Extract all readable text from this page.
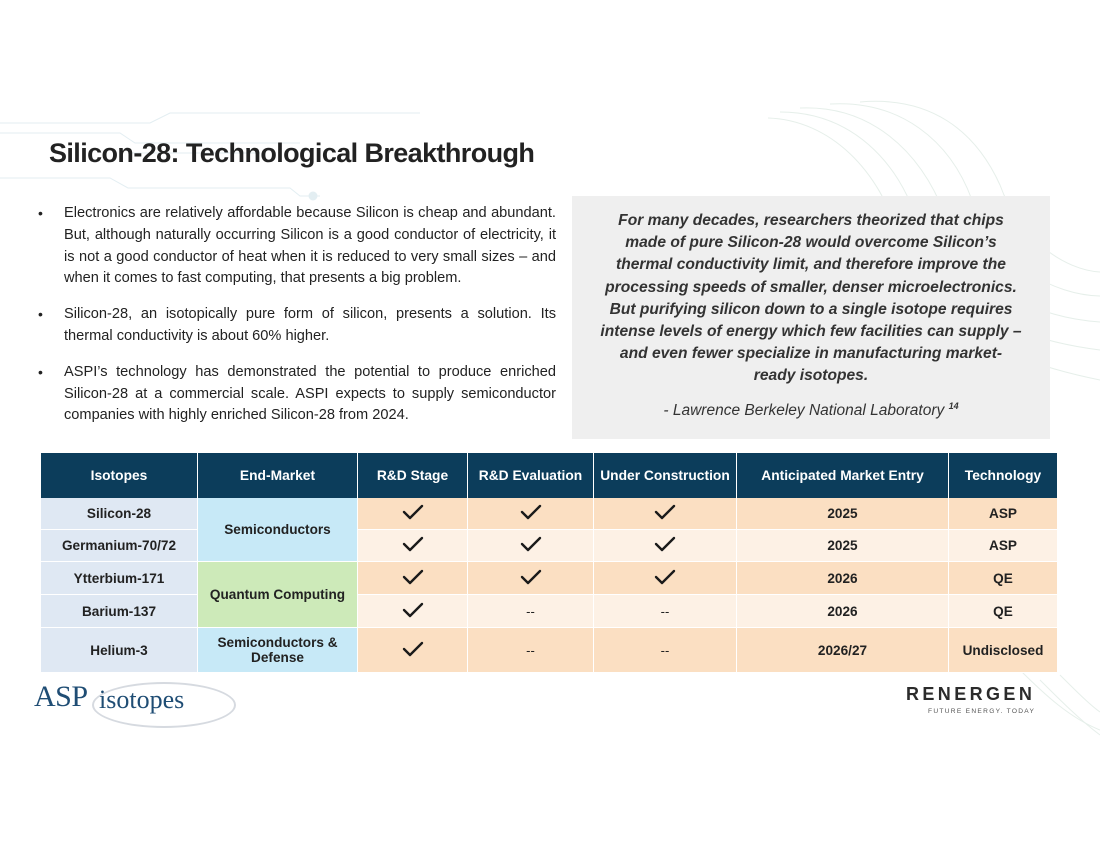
Silicon-28: Technological Breakthrough
• Electronics are relatively affordable because Silicon is cheap and abundant. But, although naturally occurring Silicon is a good conductor of electricity, it is not a good conductor of heat when it is reduced to very small sizes – and when it comes to fast computing, that presents a big problem.
• Silicon-28, an isotopically pure form of silicon, presents a solution. Its thermal conductivity is about 60% higher.
• ASPI’s technology has demonstrated the potential to produce enriched Silicon-28 at a commercial scale. ASPI expects to supply semiconductor companies with highly enriched Silicon-28 from 2024.
For many decades, researchers theorized that chips made of pure Silicon-28 would overcome Silicon’s thermal conductivity limit, and therefore improve the processing speeds of smaller, denser microelectronics. But purifying silicon down to a single isotope requires intense levels of energy which few facilities can supply – and even fewer specialize in manufacturing market-ready isotopes.
- Lawrence Berkeley National Laboratory $^{14}$
Isotopes	End-Market	R&D Stage	R&D Evaluation	Under Construction	Anticipated Market Entry	Technology
Silicon-28	Semiconductors				2025	ASP
Germanium-70/72					2025	ASP
Ytterbium-171	Quantum Computing				2026	QE
Barium-137			--	--	2026	QE
Helium-3	Semiconductors & Defense		--	--	2026/27	Undisclosed
ASP isotopes	RENERGEN
FUTURE ENERGY. TODAY
